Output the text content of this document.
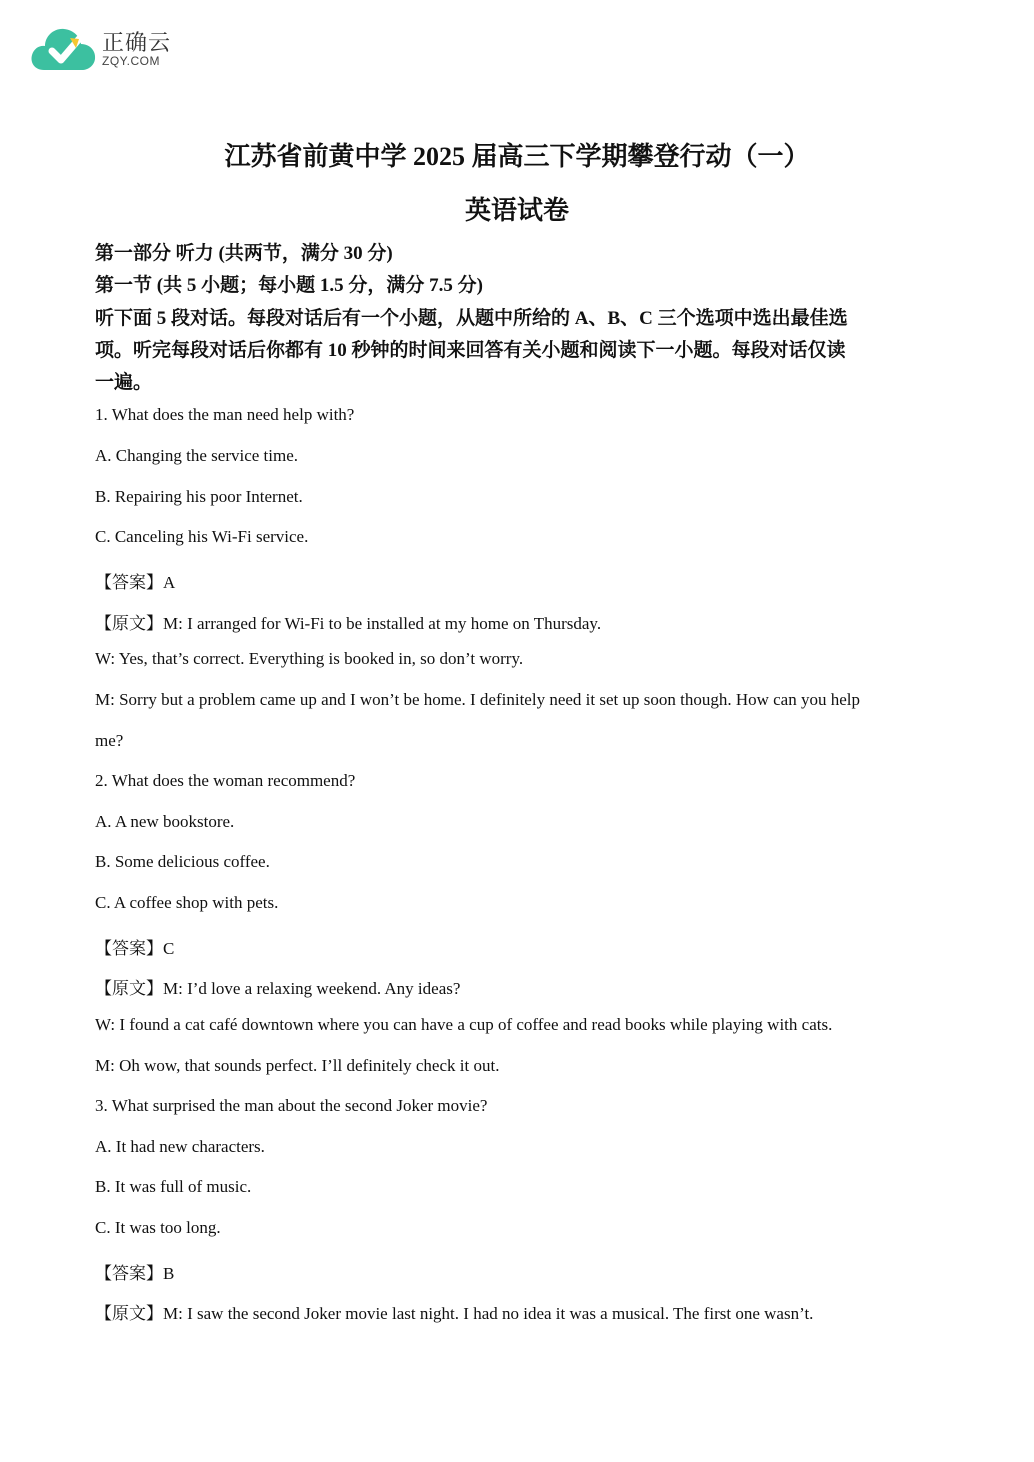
正确云
ZQY.COM
江苏省前黄中学 2025 届高三下学期攀登行动（一）
英语试卷
第一部分 听力 (共两节，满分 30 分)
第一节 (共 5 小题；每小题 1.5 分，满分 7.5 分)
听下面 5 段对话。每段对话后有一个小题，从题中所给的 A、B、C 三个选项中选出最佳选
项。听完每段对话后你都有 10 秒钟的时间来回答有关小题和阅读下一小题。每段对话仅读
一遍。
1. What does the man need help with?
A. Changing the service time.
B. Repairing his poor Internet.
C. Canceling his Wi-Fi service.
【答案】A
【原文】M: I arranged for Wi-Fi to be installed at my home on Thursday.
W: Yes, that’s correct. Everything is booked in, so don’t worry.
M: Sorry but a problem came up and I won’t be home. I definitely need it set up soon though. How can you help
me?
2. What does the woman recommend?
A. A new bookstore.
B. Some delicious coffee.
C. A coffee shop with pets.
【答案】C
【原文】M: I’d love a relaxing weekend. Any ideas?
W: I found a cat café downtown where you can have a cup of coffee and read books while playing with cats.
M: Oh wow, that sounds perfect. I’ll definitely check it out.
3. What surprised the man about the second Joker movie?
A. It had new characters.
B. It was full of music.
C. It was too long.
【答案】B
【原文】M: I saw the second Joker movie last night. I had no idea it was a musical. The first one wasn’t.
